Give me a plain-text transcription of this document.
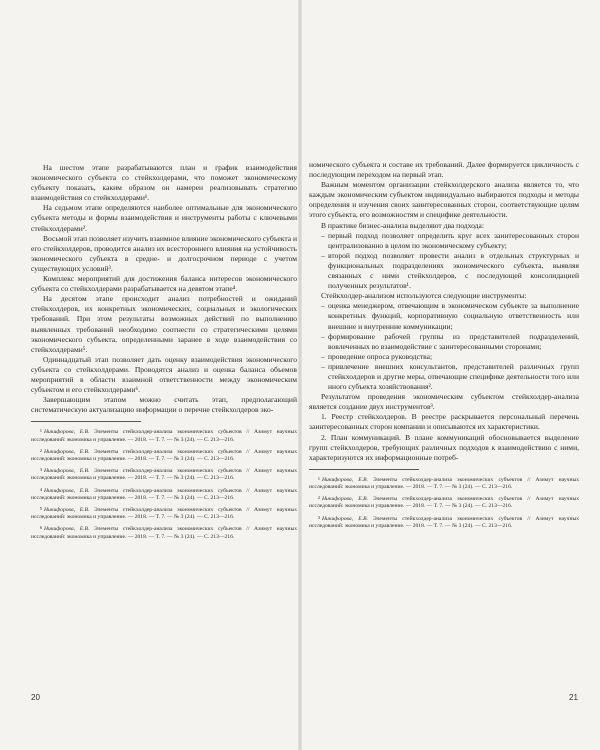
На шестом этапе разрабатываются план и график взаимодействия экономического субъекта со стейкхолдерами, что поможет экономическому субъекту показать, каким образом он намерен реализовывать стратегию взаимодействия со стейкхолдерами¹.

На седьмом этапе определяются наиболее оптимальные для экономического субъекта методы и формы взаимодействия и инструменты работы с ключевыми стейкхолдерами².

Восьмой этап позволяет изучить взаимное влияние экономического субъекта и его стейкхолдеров, проводится анализ их всестороннего влияния на устойчивость экономического субъекта в средне- и долгосрочном периоде с учетом существующих условий³.

Комплекс мероприятий для достижения баланса интересов экономического субъекта со стейкхолдерами разрабатывается на девятом этапе⁴.

На десятом этапе происходит анализ потребностей и ожиданий стейкхолдеров, их конкретных экономических, социальных и экологических требований. При этом результаты возможных действий по выполнению выявленных требований необходимо соотнести со стратегическими целями экономического субъекта, определенными заранее в ходе взаимодействия со стейкхолдерами⁵.

Одиннадцатый этап позволяет дать оценку взаимодействия экономического субъекта со стейкхолдерами. Проводятся анализ и оценка баланса объемов мероприятий в области взаимной ответственности между экономическим субъектом и его стейкхолдерами⁶.

Завершающим этапом можно считать этап, предполагающий систематическую актуализацию информации о перечне стейкхолдеров эко-

1 Никифорова, Е.В. Элементы стейкхолдер-анализа экономических субъектов // Азимут научных исследований: экономика и управление. — 2018. — Т. 7. — № 3 (24). — С. 213—216.

2 Никифорова, Е.В. Элементы стейкхолдер-анализа экономических субъектов // Азимут научных исследований: экономика и управление. — 2018. — Т. 7. — № 3 (24). — С. 213—216.

3 Никифорова, Е.В. Элементы стейкхолдер-анализа экономических субъектов // Азимут научных исследований: экономика и управление. — 2018. — Т. 7. — № 3 (24). — С. 213—216.

4 Никифорова, Е.В. Элементы стейкхолдер-анализа экономических субъектов // Азимут научных исследований: экономика и управление. — 2018. — Т. 7. — № 3 (24). — С. 213—216.

5 Никифорова, Е.В. Элементы стейкхолдер-анализа экономических субъектов // Азимут научных исследований: экономика и управление. — 2018. — Т. 7. — № 3 (24). — С. 213—216.

6 Никифорова, Е.В. Элементы стейкхолдер-анализа экономических субъектов // Азимут научных исследований: экономика и управление. — 2018. — Т. 7. — № 3 (24). — С. 213—216.

20

номического субъекта и составе их требований. Далее формируется цикличность с последующим переходом на первый этап.

Важным моментом организации стейкхолдерского анализа является то, что каждым экономическим субъектом индивидуально выбираются подходы и методы определения и изучения своих заинтересованных сторон, соответствующие целям этого субъекта, его возможностям и специфике деятельности.

В практике бизнес-анализа выделяют два подхода:

– первый подход позволяет определить круг всех заинтересованных сторон централизованно в целом по экономическому субъекту;
– второй подход позволяет провести анализ в отдельных структурных и функциональных подразделениях экономического субъекта, выявляя связанных с ними стейкхолдеров, с последующей консолидацией полученных результатов¹.

Стейкхолдер-анализом используются следующие инструменты:

– оценка менеджером, отвечающим в экономическом субъекте за выполнение конкретных функций, корпоративную социальную ответственность или внешние и внутренние коммуникации;
– формирование рабочей группы из представителей подразделений, вовлеченных во взаимодействие с заинтересованными сторонами;
– проведение опроса руководства;
– привлечение внешних консультантов, представителей различных групп стейкхолдеров и другие меры, отвечающие специфике деятельности того или иного субъекта хозяйствования².

Результатом проведения экономическим субъектом стейкхолдер-анализа является создание двух инструментов³.

1. Реестр стейкхолдеров. В реестре раскрывается персональный перечень заинтересованных сторон компании и описываются их характеристики.

2. План коммуникаций. В плане коммуникаций обосновывается выделение групп стейкхолдеров, требующих различных подходов к взаимодействию с ними, характеризуются их информационные потреб-

1 Никифорова, Е.В. Элементы стейкхолдер-анализа экономических субъектов // Азимут научных исследований: экономика и управление. — 2018. — Т. 7. — № 3 (24). — С. 213—216.

2 Никифорова, Е.В. Элементы стейкхолдер-анализа экономических субъектов // Азимут научных исследований: экономика и управление. — 2018. — Т. 7. — № 3 (24). — С. 213—216.

3 Никифорова, Е.В. Элементы стейкхолдер-анализа экономических субъектов // Азимут научных исследований: экономика и управление. — 2018. — Т. 7. — № 3 (24). — С. 213—216.

21
